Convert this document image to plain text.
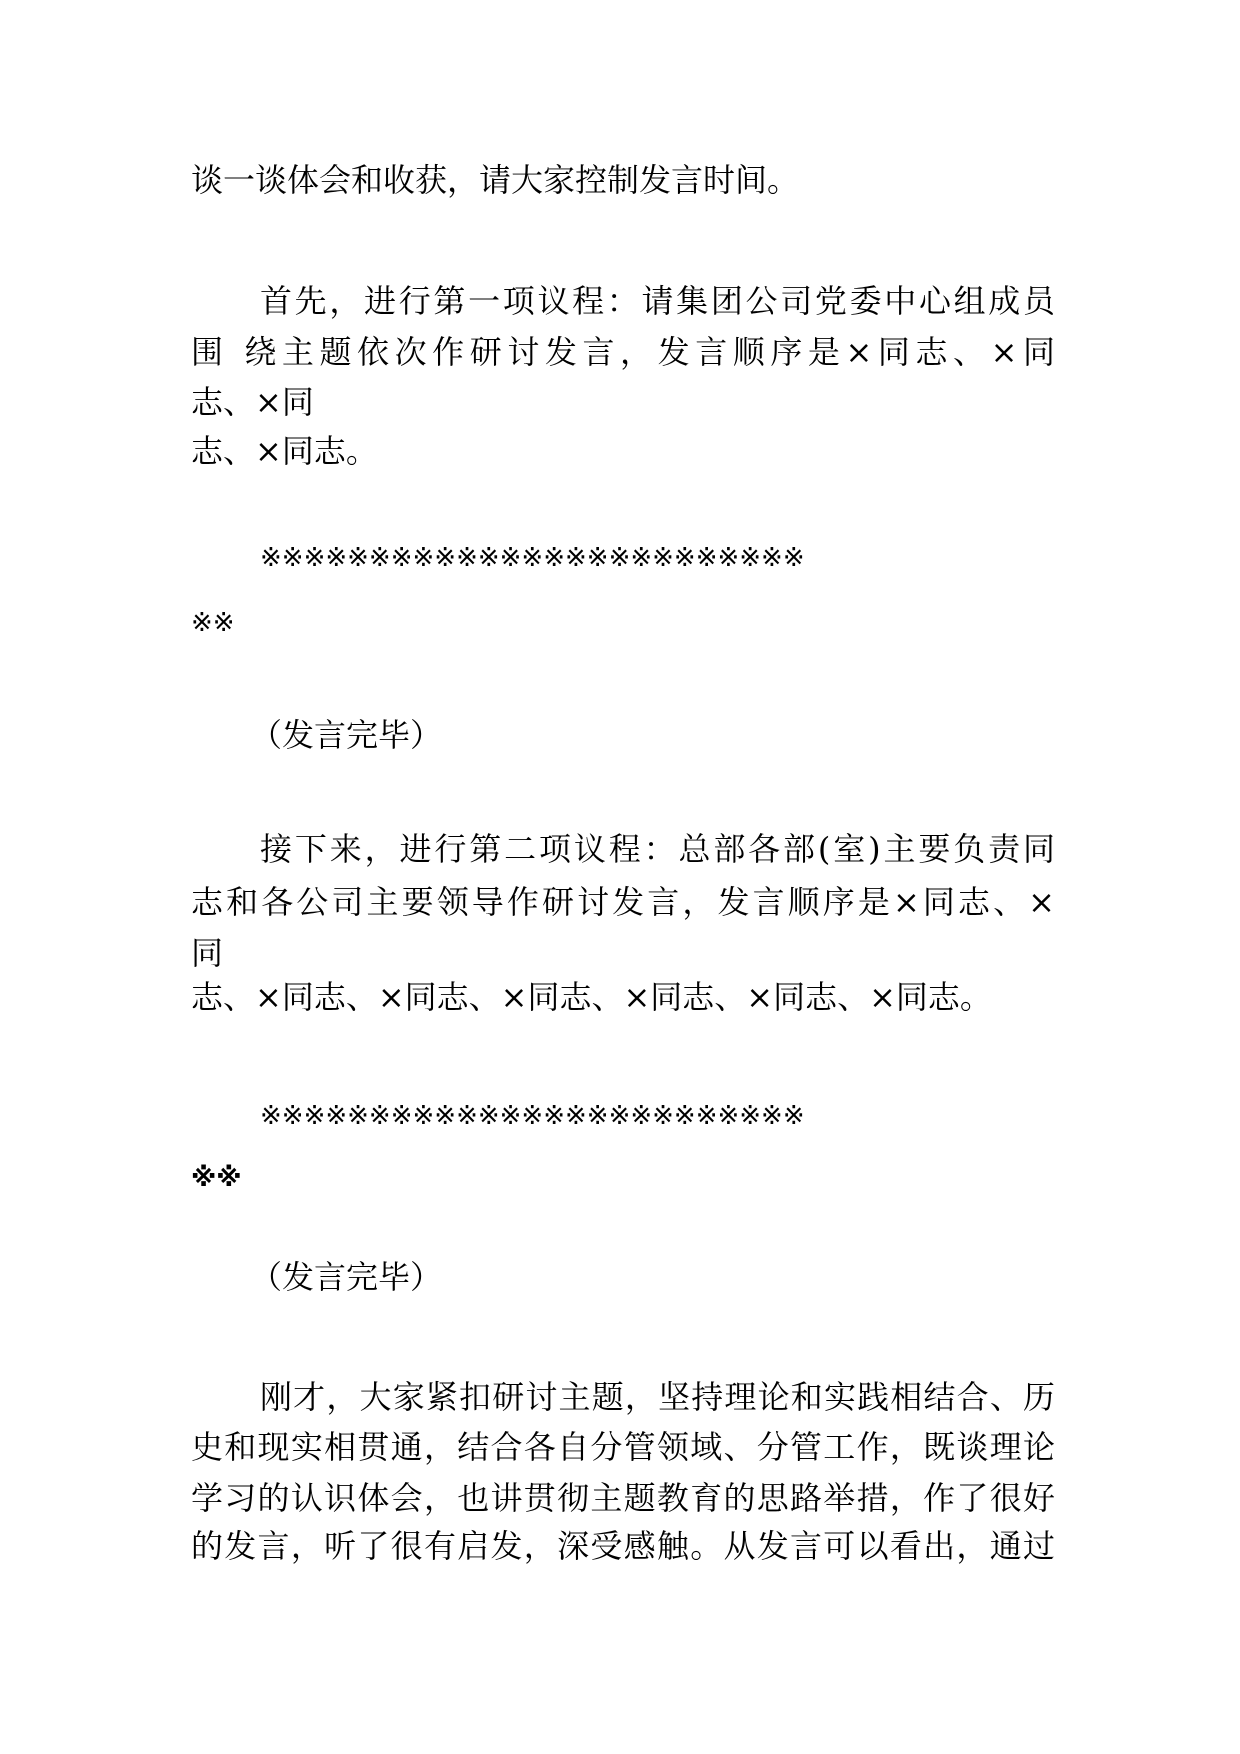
谈一谈体会和收获，请大家控制发言时间。
首先，进行第一项议程：请集团公司党委中心组成员
围 绕主题依次作研讨发言，发言顺序是×同志、×同
志、×同
志、×同志。
※※※※※※※※※※※※※※※※※※※※※※※※※
※※
（发言完毕）
接下来，进行第二项议程：总部各部(室)主要负责同
志和各公司主要领导作研讨发言，发言顺序是×同志、×
同
志、×同志、×同志、×同志、×同志、×同志、×同志。
※※※※※※※※※※※※※※※※※※※※※※※※※
※※
（发言完毕）
刚才，大家紧扣研讨主题，坚持理论和实践相结合、历
史和现实相贯通，结合各自分管领域、分管工作，既谈理论
学习的认识体会，也讲贯彻主题教育的思路举措，作了很好
的发言，听了很有启发，深受感触。从发言可以看出，通过
